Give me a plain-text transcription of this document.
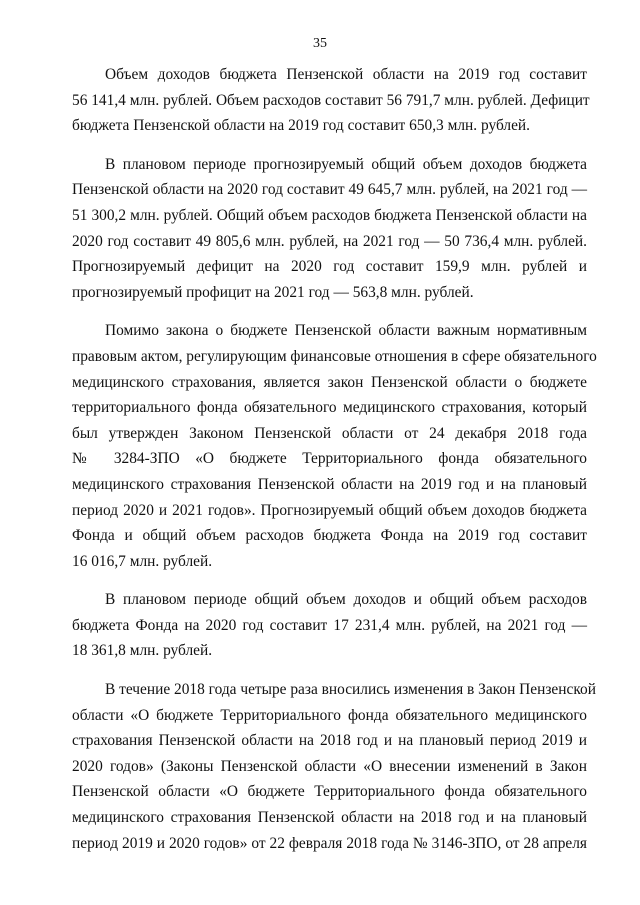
35
Объем доходов бюджета Пензенской области на 2019 год составит
56 141,4 млн. рублей. Объем расходов составит 56 791,7 млн. рублей. Дефицит
бюджета Пензенской области на 2019 год составит 650,3 млн. рублей.
В плановом периоде прогнозируемый общий объем доходов бюджета
Пензенской области на 2020 год составит 49 645,7 млн. рублей, на 2021 год —
51 300,2 млн. рублей. Общий объем расходов бюджета Пензенской области на
2020 год составит 49 805,6 млн. рублей, на 2021 год — 50 736,4 млн. рублей.
Прогнозируемый дефицит на 2020 год составит 159,9 млн. рублей и
прогнозируемый профицит на 2021 год — 563,8 млн. рублей.
Помимо закона о бюджете Пензенской области важным нормативным
правовым актом, регулирующим финансовые отношения в сфере обязательного
медицинского страхования, является закон Пензенской области о бюджете
территориального фонда обязательного медицинского страхования, который
был утвержден Законом Пензенской области от 24 декабря 2018 года
№ 3284-ЗПО «О бюджете Территориального фонда обязательного
медицинского страхования Пензенской области на 2019 год и на плановый
период 2020 и 2021 годов». Прогнозируемый общий объем доходов бюджета
Фонда и общий объем расходов бюджета Фонда на 2019 год составит
16 016,7 млн. рублей.
В плановом периоде общий объем доходов и общий объем расходов
бюджета Фонда на 2020 год составит 17 231,4 млн. рублей, на 2021 год —
18 361,8 млн. рублей.
В течение 2018 года четыре раза вносились изменения в Закон Пензенской
области «О бюджете Территориального фонда обязательного медицинского
страхования Пензенской области на 2018 год и на плановый период 2019 и
2020 годов» (Законы Пензенской области «О внесении изменений в Закон
Пензенской области «О бюджете Территориального фонда обязательного
медицинского страхования Пензенской области на 2018 год и на плановый
период 2019 и 2020 годов» от 22 февраля 2018 года № 3146-ЗПО, от 28 апреля
